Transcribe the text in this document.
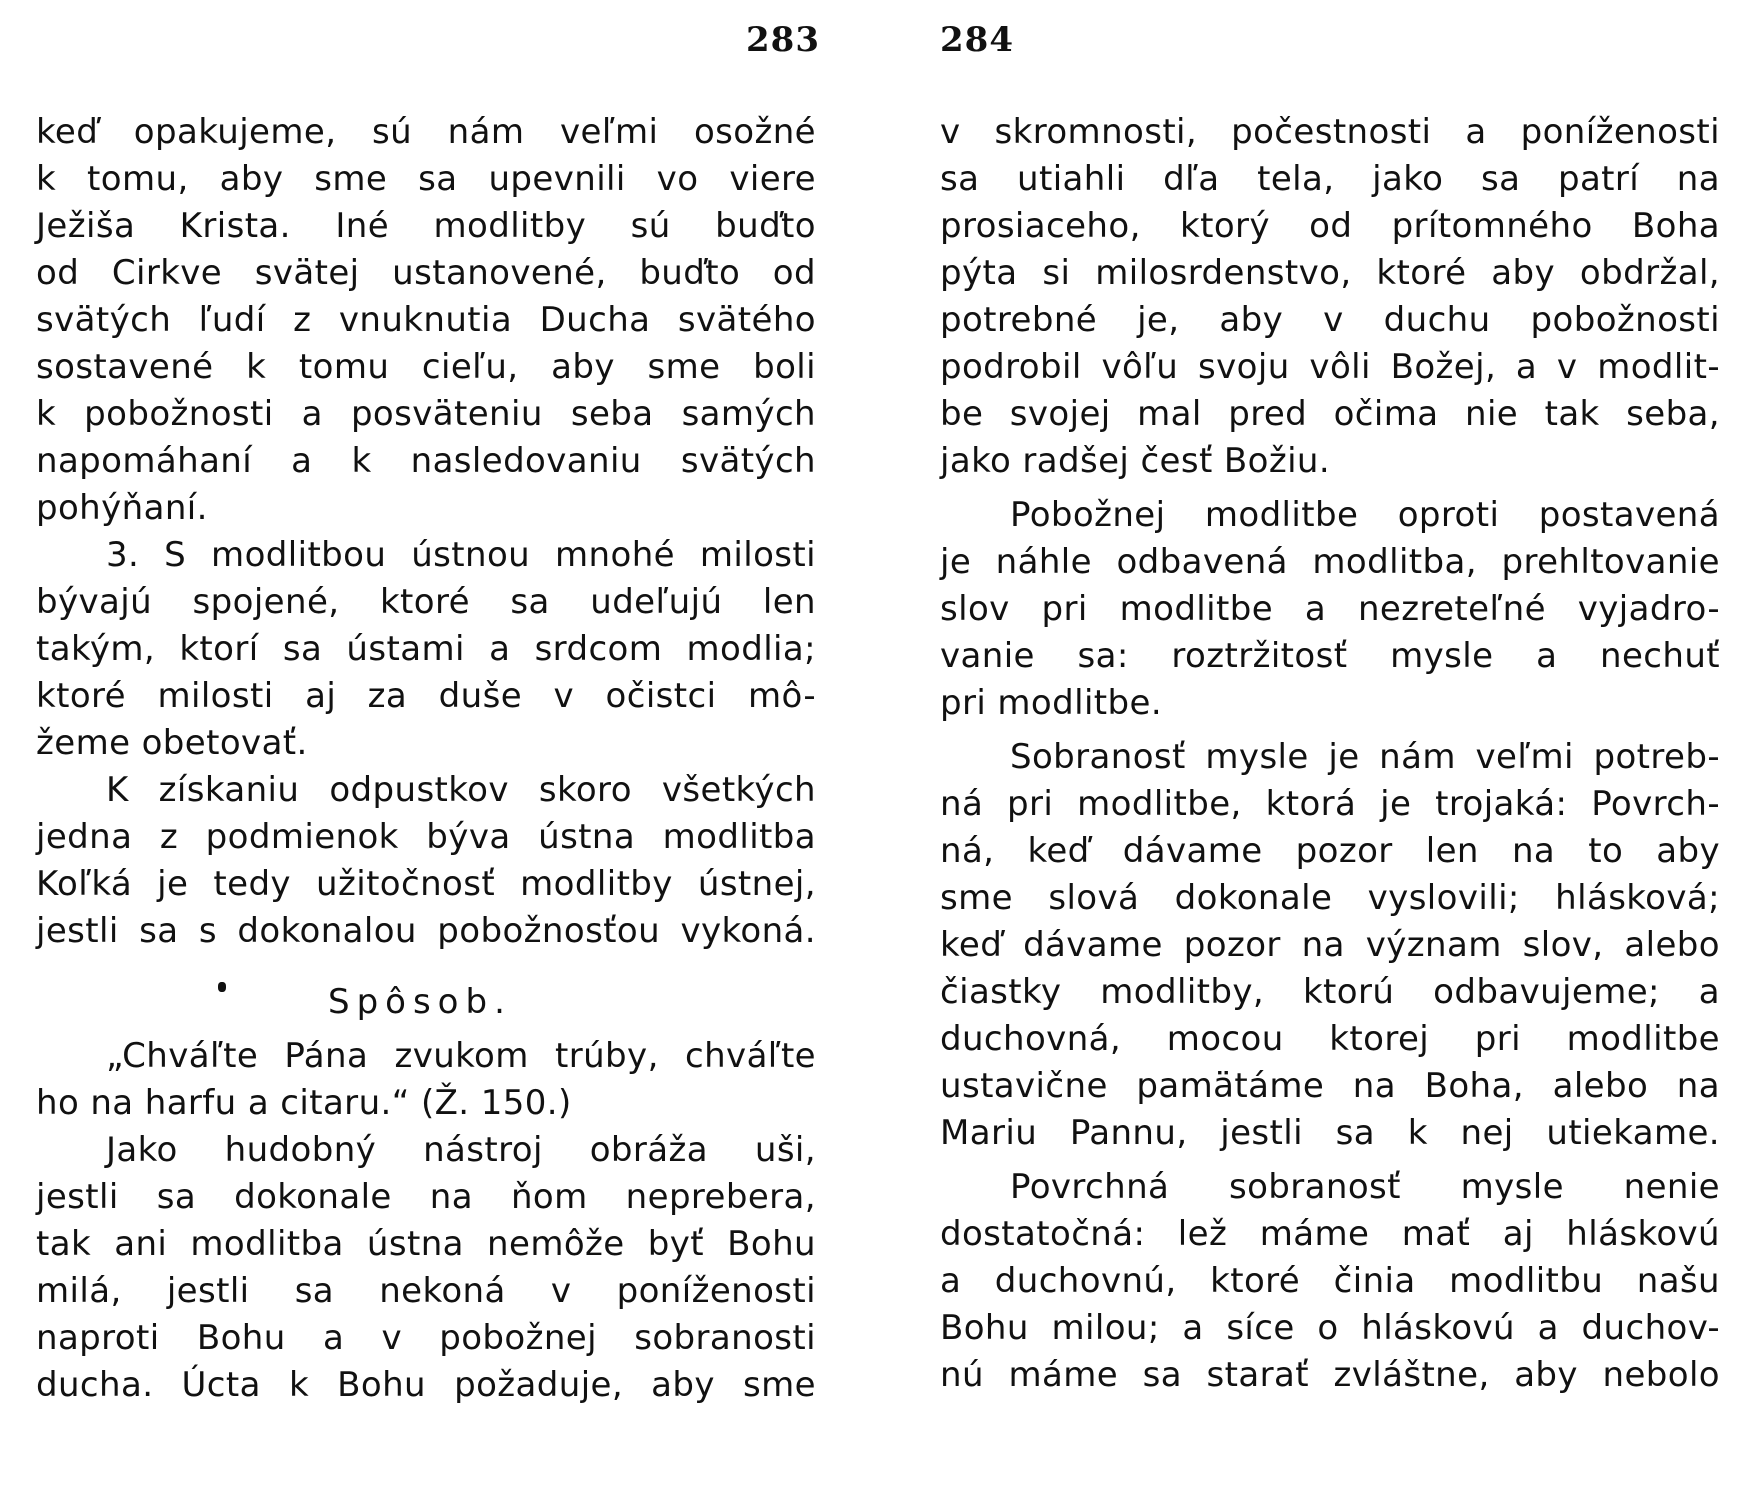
283
keď opakujeme, sú nám veľmi osožné
k tomu, aby sme sa upevnili vo viere
Ježiša Krista. Iné modlitby sú buďto
od Cirkve svätej ustanovené, buďto od
svätých ľudí z vnuknutia Ducha svätého
sostavené k tomu cieľu, aby sme boli
k pobožnosti a posväteniu seba samých
napomáhaní a k nasledovaniu svätých
pohýňaní.
3. S modlitbou ústnou mnohé milosti
bývajú spojené, ktoré sa udeľujú len
takým, ktorí sa ústami a srdcom modlia;
ktoré milosti aj za duše v očistci mô-
žeme obetovať.
K získaniu odpustkov skoro všetkých
jedna z podmienok býva ústna modlitba
Koľká je tedy užitočnosť modlitby ústnej,
jestli sa s dokonalou pobožnosťou vykoná.
Spôsob.
„Chváľte Pána zvukom trúby, chváľte
ho na harfu a citaru.“ (Ž. 150.)
Jako hudobný nástroj obráža uši,
jestli sa dokonale na ňom neprebera,
tak ani modlitba ústna nemôže byť Bohu
milá, jestli sa nekoná v poníženosti
naproti Bohu a v pobožnej sobranosti
ducha. Úcta k Bohu požaduje, aby sme
284
v skromnosti, počestnosti a poníženosti
sa utiahli dľa tela, jako sa patrí na
prosiaceho, ktorý od prítomného Boha
pýta si milosrdenstvo, ktoré aby obdržal,
potrebné je, aby v duchu pobožnosti
podrobil vôľu svoju vôli Božej, a v modlit-
be svojej mal pred očima nie tak seba,
jako radšej česť Božiu.
Pobožnej modlitbe oproti postavená
je náhle odbavená modlitba, prehltovanie
slov pri modlitbe a nezreteľné vyjadro-
vanie sa: roztržitosť mysle a nechuť
pri modlitbe.
Sobranosť mysle je nám veľmi potreb-
ná pri modlitbe, ktorá je trojaká: Povrch-
ná, keď dávame pozor len na to aby
sme slová dokonale vyslovili; hlásková;
keď dávame pozor na význam slov, alebo
čiastky modlitby, ktorú odbavujeme; a
duchovná, mocou ktorej pri modlitbe
ustavične pamätáme na Boha, alebo na
Mariu Pannu, jestli sa k nej utiekame.
Povrchná sobranosť mysle nenie
dostatočná: lež máme mať aj hláskovú
a duchovnú, ktoré činia modlitbu našu
Bohu milou; a síce o hláskovú a duchov-
nú máme sa starať zvláštne, aby nebolo
